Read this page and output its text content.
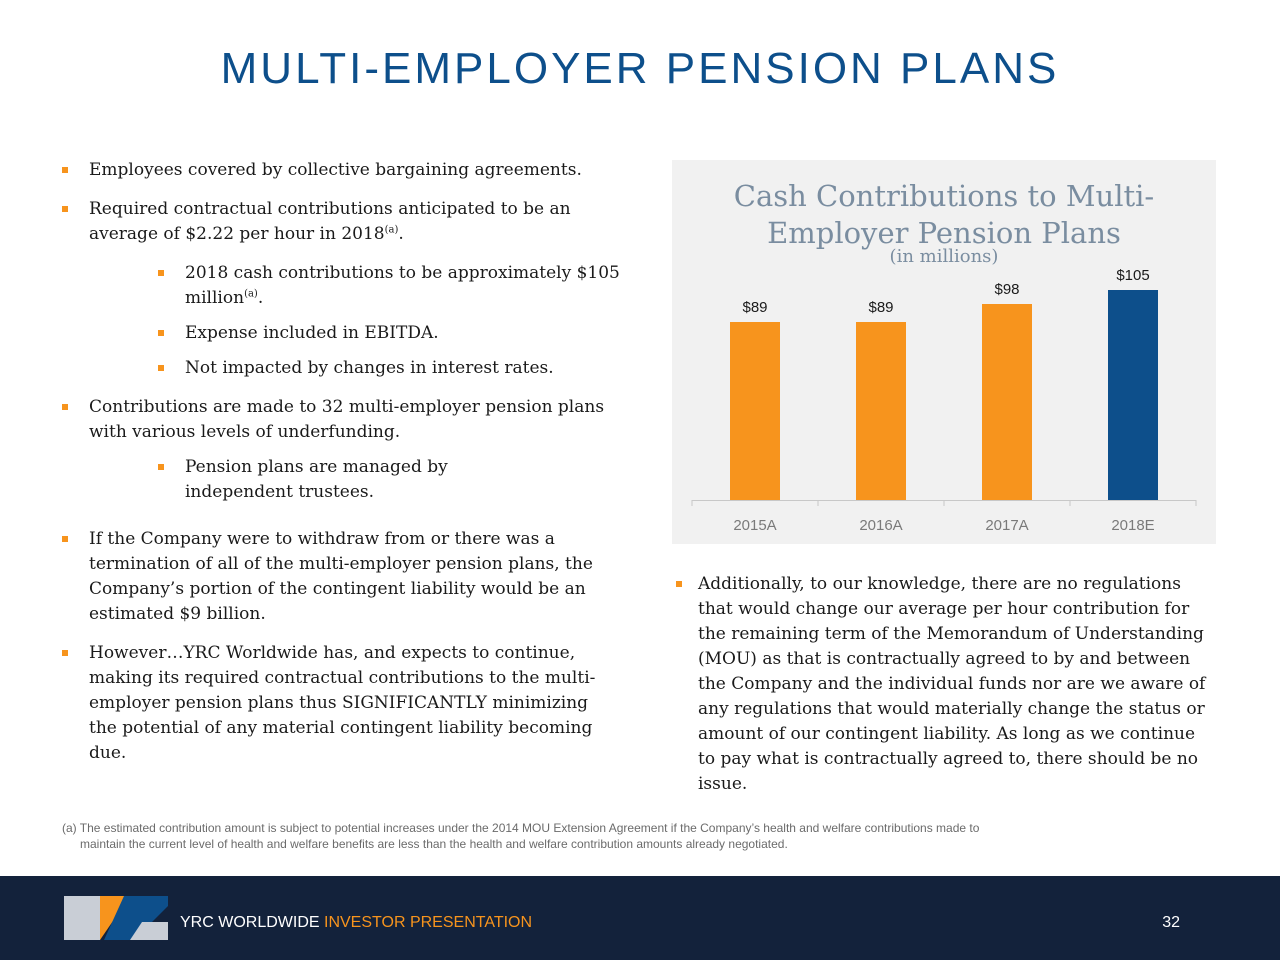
MULTI-EMPLOYER PENSION PLANS
Employees covered by collective bargaining agreements.
Required contractual contributions anticipated to be an average of $2.22 per hour in 2018$^{(a)}$.
2018 cash contributions to be approximately $105 million$^{(a)}$.
Expense included in EBITDA.
Not impacted by changes in interest rates.
Contributions are made to 32 multi-employer pension plans with various levels of underfunding.
Pension plans are managed by independent trustees.
If the Company were to withdraw from or there was a termination of all of the multi-employer pension plans, the Company’s portion of the contingent liability would be an estimated $9 billion.
However…YRC Worldwide has, and expects to continue, making its required contractual contributions to the multi-employer pension plans thus SIGNIFICANTLY minimizing the potential of any material contingent liability becoming due.
Cash Contributions to Multi-
Employer Pension Plans
(in millions)
$89
2015A
$89
2016A
$98
2017A
$105
2018E
Additionally, to our knowledge, there are no regulations that would change our average per hour contribution for the remaining term of the Memorandum of Understanding (MOU) as that is contractually agreed to by and between the Company and the individual funds nor are we aware of any regulations that would materially change the status or amount of our contingent liability. As long as we continue to pay what is contractually agreed to, there should be no issue.
(a) The estimated contribution amount is subject to potential increases under the 2014 MOU Extension Agreement if the Company’s health and welfare contributions made to
maintain the current level of health and welfare benefits are less than the health and welfare contribution amounts already negotiated.
YRC WORLDWIDE INVESTOR PRESENTATION	32
